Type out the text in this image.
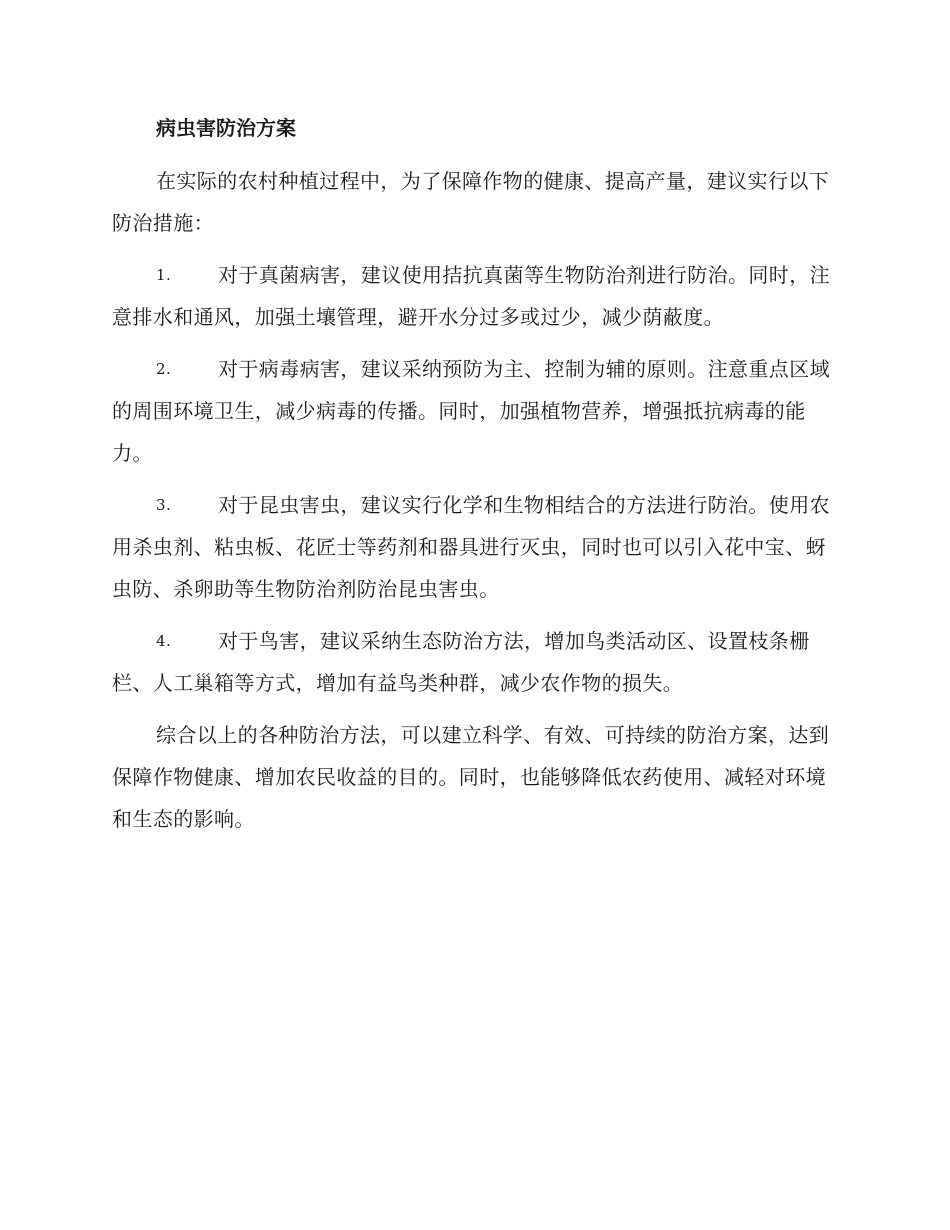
病虫害防治方案

在实际的农村种植过程中，为了保障作物的健康、提高产量，建议实行以下防治措施：

1. 对于真菌病害，建议使用拮抗真菌等生物防治剂进行防治。同时，注意排水和通风，加强土壤管理，避开水分过多或过少，减少荫蔽度。

2. 对于病毒病害，建议采纳预防为主、控制为辅的原则。注意重点区域的周围环境卫生，减少病毒的传播。同时，加强植物营养，增强抵抗病毒的能力。

3. 对于昆虫害虫，建议实行化学和生物相结合的方法进行防治。使用农用杀虫剂、粘虫板、花匠士等药剂和器具进行灭虫，同时也可以引入花中宝、蚜虫防、杀卵助等生物防治剂防治昆虫害虫。

4. 对于鸟害，建议采纳生态防治方法，增加鸟类活动区、设置枝条栅栏、人工巢箱等方式，增加有益鸟类种群，减少农作物的损失。

综合以上的各种防治方法，可以建立科学、有效、可持续的防治方案，达到保障作物健康、增加农民收益的目的。同时，也能够降低农药使用、减轻对环境和生态的影响。
